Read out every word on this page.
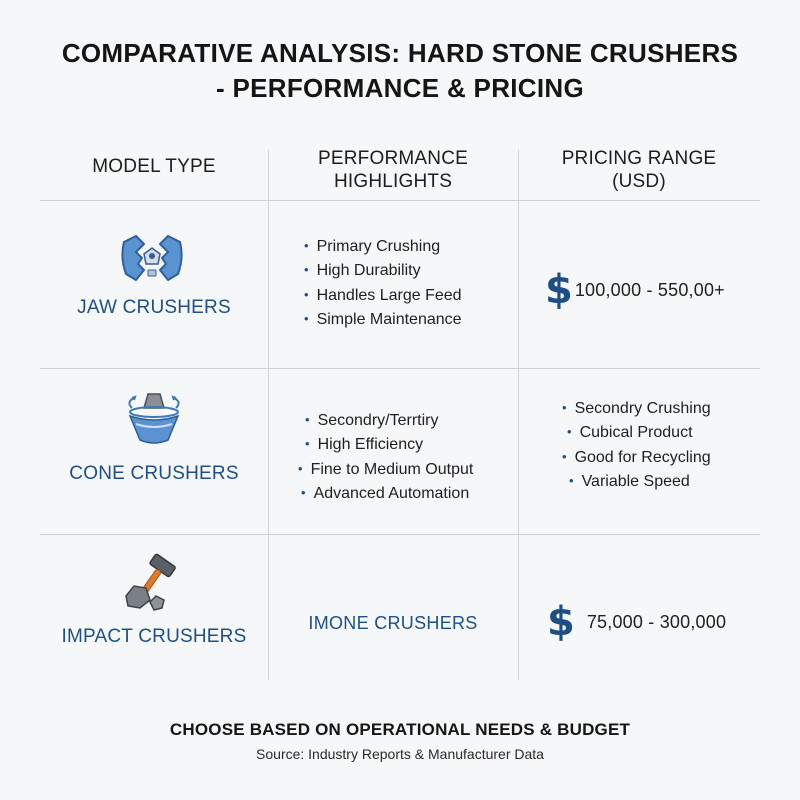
COMPARATIVE ANALYSIS: HARD STONE CRUSHERS
- PERFORMANCE & PRICING
MODEL TYPE	PERFORMANCE
HIGHLIGHTS
PRICING RANGE
(USD)
JAW CRUSHERS
• Primary Crushing
• High Durability
• Handles Large Feed
• Simple Maintenance
$ 100,000 - 550,00+
CONE CRUSHERS
• Secondry/Terrtiry
• High Efficiency
• Fine to Medium Output
• Advanced Automation
• Secondry Crushing
• Cubical Product
• Good for Recycling
• Variable Speed
IMPACT CRUSHERS
IMONE CRUSHERS	$ 75,000 - 300,000
CHOOSE BASED ON OPERATIONAL NEEDS & BUDGET
Source: Industry Reports & Manufacturer Data
